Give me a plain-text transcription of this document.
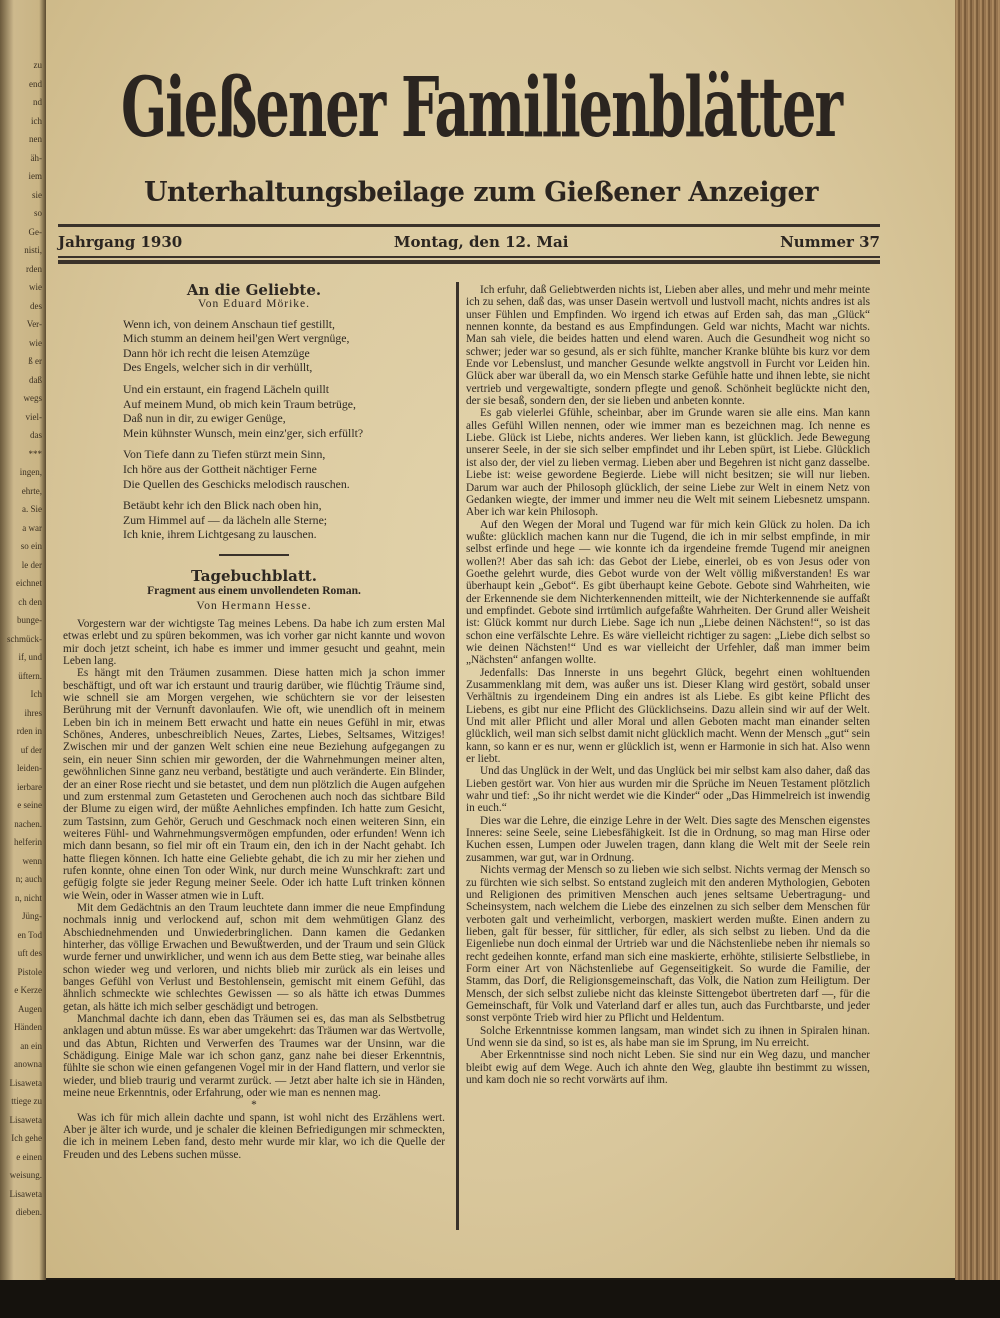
zu
end
nd
ich
nen
äh-
iem
sie
so
Ge-
nisti,
rden
wie
des
Ver-
wie
ß er
daß
wegs
viel-
das
***
ingen,
ehrte,
a. Sie
a war
so ein
le der
eichnet
ch den
bunge-
schmück-
if, und
üftern.
Ich
ihres
rden in
uf der
leiden-
ierbare
e seine
nachen.
helferin
wenn
n; auch
n, nicht
Jüng-
en Tod
uft des
Pistole
e Kerze
Augen
Händen
an ein
anowna
Lisaweta
ttiege zu
Lisaweta
Ich gehe
e einen
weisung.
Lisaweta
dieben.
Gießener Familienblätter
Unterhaltungsbeilage zum Gießener Anzeiger
Jahrgang 1930	Montag, den 12. Mai	Nummer 37
An die Geliebte.
Von Eduard Mörike.
Wenn ich, von deinem Anschaun tief gestillt,
Mich stumm an deinem heil'gen Wert vergnüge,
Dann hör ich recht die leisen Atemzüge
Des Engels, welcher sich in dir verhüllt,
Und ein erstaunt, ein fragend Lächeln quillt
Auf meinem Mund, ob mich kein Traum betrüge,
Daß nun in dir, zu ewiger Genüge,
Mein kühnster Wunsch, mein einz'ger, sich erfüllt?
Von Tiefe dann zu Tiefen stürzt mein Sinn,
Ich höre aus der Gottheit nächtiger Ferne
Die Quellen des Geschicks melodisch rauschen.
Betäubt kehr ich den Blick nach oben hin,
Zum Himmel auf — da lächeln alle Sterne;
Ich knie, ihrem Lichtgesang zu lauschen.
Tagebuchblatt.
Fragment aus einem unvollendeten Roman.
Von Hermann Hesse.

Vorgestern war der wichtigste Tag meines Lebens. Da habe ich zum ersten Mal etwas erlebt und zu spüren bekommen, was ich vorher gar nicht kannte und wovon mir doch jetzt scheint, ich habe es immer und immer gesucht und geahnt, mein Leben lang.

Es hängt mit den Träumen zusammen. Diese hatten mich ja schon immer beschäftigt, und oft war ich erstaunt und traurig darüber, wie flüchtig Träume sind, wie schnell sie am Morgen vergehen, wie schüchtern sie vor der leisesten Berührung mit der Vernunft davonlaufen. Wie oft, wie unendlich oft in meinem Leben bin ich in meinem Bett erwacht und hatte ein neues Gefühl in mir, etwas Schönes, Anderes, unbeschreiblich Neues, Zartes, Liebes, Seltsames, Witziges! Zwischen mir und der ganzen Welt schien eine neue Beziehung aufgegangen zu sein, ein neuer Sinn schien mir geworden, der die Wahrnehmungen meiner alten, gewöhnlichen Sinne ganz neu verband, bestätigte und auch veränderte. Ein Blinder, der an einer Rose riecht und sie betastet, und dem nun plötzlich die Augen aufgehen und zum erstenmal zum Getasteten und Gerochenen auch noch das sichtbare Bild der Blume zu eigen wird, der müßte Aehnliches empfinden. Ich hatte zum Gesicht, zum Tastsinn, zum Gehör, Geruch und Geschmack noch einen weiteren Sinn, ein weiteres Fühl- und Wahrnehmungsvermögen empfunden, oder erfunden! Wenn ich mich dann besann, so fiel mir oft ein Traum ein, den ich in der Nacht gehabt. Ich hatte fliegen können. Ich hatte eine Geliebte gehabt, die ich zu mir her ziehen und rufen konnte, ohne einen Ton oder Wink, nur durch meine Wunschkraft: zart und gefügig folgte sie jeder Regung meiner Seele. Oder ich hatte Luft trinken können wie Wein, oder in Wasser atmen wie in Luft.

Mit dem Gedächtnis an den Traum leuchtete dann immer die neue Empfindung nochmals innig und verlockend auf, schon mit dem wehmütigen Glanz des Abschiednehmenden und Unwiederbringlichen. Dann kamen die Gedanken hinterher, das völlige Erwachen und Bewußtwerden, und der Traum und sein Glück wurde ferner und unwirklicher, und wenn ich aus dem Bette stieg, war beinahe alles schon wieder weg und verloren, und nichts blieb mir zurück als ein leises und banges Gefühl von Verlust und Bestohlensein, gemischt mit einem Gefühl, das ähnlich schmeckte wie schlechtes Gewissen — so als hätte ich etwas Dummes getan, als hätte ich mich selber geschädigt und betrogen.

Manchmal dachte ich dann, eben das Träumen sei es, das man als Selbstbetrug anklagen und abtun müsse. Es war aber umgekehrt: das Träumen war das Wertvolle, und das Abtun, Richten und Verwerfen des Traumes war der Unsinn, war die Schädigung. Einige Male war ich schon ganz, ganz nahe bei dieser Erkenntnis, fühlte sie schon wie einen gefangenen Vogel mir in der Hand flattern, und verlor sie wieder, und blieb traurig und verarmt zurück. — Jetzt aber halte ich sie in Händen, meine neue Erkenntnis, oder Erfahrung, oder wie man es nennen mag.

*

Was ich für mich allein dachte und spann, ist wohl nicht des Erzählens wert. Aber je älter ich wurde, und je schaler die kleinen Befriedigungen mir schmeckten, die ich in meinem Leben fand, desto mehr wurde mir klar, wo ich die Quelle der Freuden und des Lebens suchen müsse.

Ich erfuhr, daß Geliebtwerden nichts ist, Lieben aber alles, und mehr und mehr meinte ich zu sehen, daß das, was unser Dasein wertvoll und lustvoll macht, nichts andres ist als unser Fühlen und Empfinden. Wo irgend ich etwas auf Erden sah, das man „Glück“ nennen konnte, da bestand es aus Empfindungen. Geld war nichts, Macht war nichts. Man sah viele, die beides hatten und elend waren. Auch die Gesundheit wog nicht so schwer; jeder war so gesund, als er sich fühlte, mancher Kranke blühte bis kurz vor dem Ende vor Lebenslust, und mancher Gesunde welkte angstvoll in Furcht vor Leiden hin. Glück aber war überall da, wo ein Mensch starke Gefühle hatte und ihnen lebte, sie nicht vertrieb und vergewaltigte, sondern pflegte und genoß. Schönheit beglückte nicht den, der sie besaß, sondern den, der sie lieben und anbeten konnte.

Es gab vielerlei Gfühle, scheinbar, aber im Grunde waren sie alle eins. Man kann alles Gefühl Willen nennen, oder wie immer man es bezeichnen mag. Ich nenne es Liebe. Glück ist Liebe, nichts anderes. Wer lieben kann, ist glücklich. Jede Bewegung unserer Seele, in der sie sich selber empfindet und ihr Leben spürt, ist Liebe. Glücklich ist also der, der viel zu lieben vermag. Lieben aber und Begehren ist nicht ganz dasselbe. Liebe ist: weise gewordene Begierde. Liebe will nicht besitzen; sie will nur lieben. Darum war auch der Philosoph glücklich, der seine Liebe zur Welt in einem Netz von Gedanken wiegte, der immer und immer neu die Welt mit seinem Liebesnetz umspann. Aber ich war kein Philosoph.

Auf den Wegen der Moral und Tugend war für mich kein Glück zu holen. Da ich wußte: glücklich machen kann nur die Tugend, die ich in mir selbst empfinde, in mir selbst erfinde und hege — wie konnte ich da irgendeine fremde Tugend mir aneignen wollen?! Aber das sah ich: das Gebot der Liebe, einerlei, ob es von Jesus oder von Goethe gelehrt wurde, dies Gebot wurde von der Welt völlig mißverstanden! Es war überhaupt kein „Gebot“. Es gibt überhaupt keine Gebote. Gebote sind Wahrheiten, wie der Erkennende sie dem Nichterkennenden mitteilt, wie der Nichterkennende sie auffaßt und empfindet. Gebote sind irrtümlich aufgefaßte Wahrheiten. Der Grund aller Weisheit ist: Glück kommt nur durch Liebe. Sage ich nun „Liebe deinen Nächsten!“, so ist das schon eine verfälschte Lehre. Es wäre vielleicht richtiger zu sagen: „Liebe dich selbst so wie deinen Nächsten!“ Und es war vielleicht der Urfehler, daß man immer beim „Nächsten“ anfangen wollte.

Jedenfalls: Das Innerste in uns begehrt Glück, begehrt einen wohltuenden Zusammenklang mit dem, was außer uns ist. Dieser Klang wird gestört, sobald unser Verhältnis zu irgendeinem Ding ein andres ist als Liebe. Es gibt keine Pflicht des Liebens, es gibt nur eine Pflicht des Glücklichseins. Dazu allein sind wir auf der Welt. Und mit aller Pflicht und aller Moral und allen Geboten macht man einander selten glücklich, weil man sich selbst damit nicht glücklich macht. Wenn der Mensch „gut“ sein kann, so kann er es nur, wenn er glücklich ist, wenn er Harmonie in sich hat. Also wenn er liebt.

Und das Unglück in der Welt, und das Unglück bei mir selbst kam also daher, daß das Lieben gestört war. Von hier aus wurden mir die Sprüche im Neuen Testament plötzlich wahr und tief: „So ihr nicht werdet wie die Kinder“ oder „Das Himmelreich ist inwendig in euch.“

Dies war die Lehre, die einzige Lehre in der Welt. Dies sagte des Menschen eigenstes Inneres: seine Seele, seine Liebesfähigkeit. Ist die in Ordnung, so mag man Hirse oder Kuchen essen, Lumpen oder Juwelen tragen, dann klang die Welt mit der Seele rein zusammen, war gut, war in Ordnung.

Nichts vermag der Mensch so zu lieben wie sich selbst. Nichts vermag der Mensch so zu fürchten wie sich selbst. So entstand zugleich mit den anderen Mythologien, Geboten und Religionen des primitiven Menschen auch jenes seltsame Uebertragung- und Scheinsystem, nach welchem die Liebe des einzelnen zu sich selber dem Menschen für verboten galt und verheimlicht, verborgen, maskiert werden mußte. Einen andern zu lieben, galt für besser, für sittlicher, für edler, als sich selbst zu lieben. Und da die Eigenliebe nun doch einmal der Urtrieb war und die Nächstenliebe neben ihr niemals so recht gedeihen konnte, erfand man sich eine maskierte, erhöhte, stilisierte Selbstliebe, in Form einer Art von Nächstenliebe auf Gegenseitigkeit. So wurde die Familie, der Stamm, das Dorf, die Religionsgemeinschaft, das Volk, die Nation zum Heiligtum. Der Mensch, der sich selbst zuliebe nicht das kleinste Sittengebot übertreten darf —, für die Gemeinschaft, für Volk und Vaterland darf er alles tun, auch das Furchtbarste, und jeder sonst verpönte Trieb wird hier zu Pflicht und Heldentum.

Solche Erkenntnisse kommen langsam, man windet sich zu ihnen in Spiralen hinan. Und wenn sie da sind, so ist es, als habe man sie im Sprung, im Nu erreicht.

Aber Erkenntnisse sind noch nicht Leben. Sie sind nur ein Weg dazu, und mancher bleibt ewig auf dem Wege. Auch ich ahnte den Weg, glaubte ihn bestimmt zu wissen, und kam doch nie so recht vorwärts auf ihm.
